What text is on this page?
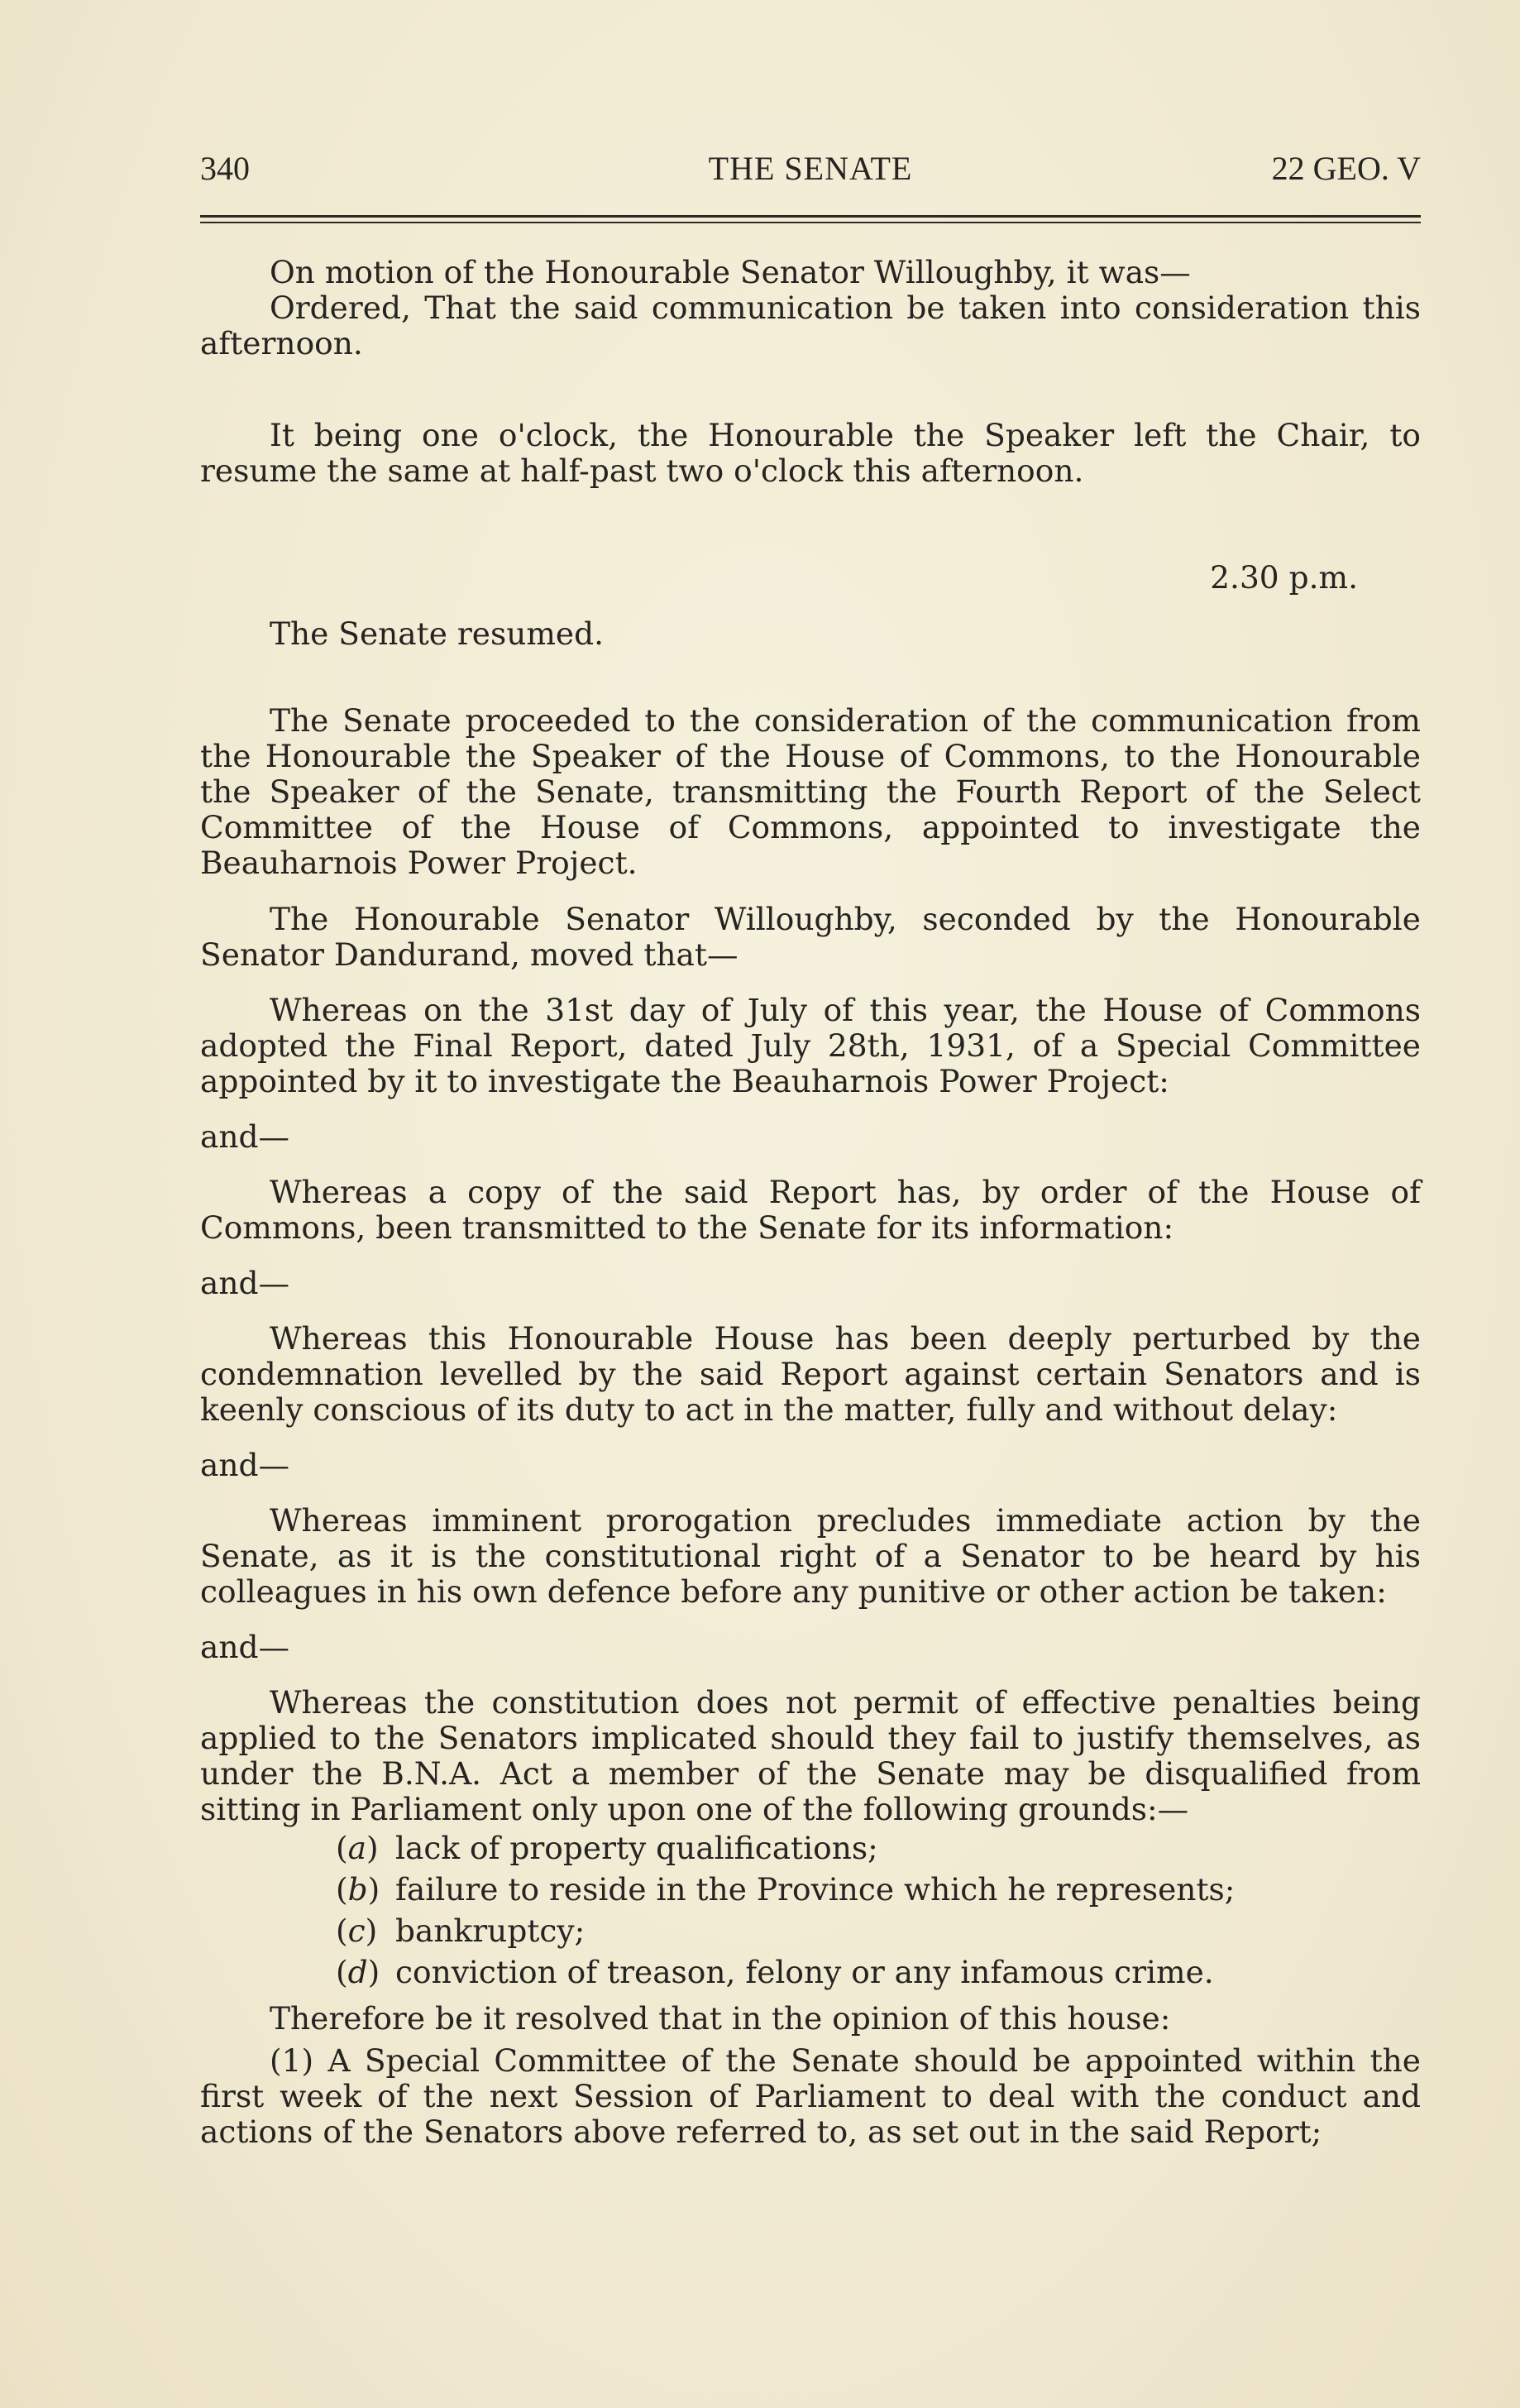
340	THE SENATE	22 GEO. V

On motion of the Honourable Senator Willoughby, it was—

Ordered, That the said communication be taken into consideration this afternoon.

It being one o'clock, the Honourable the Speaker left the Chair, to resume the same at half-past two o'clock this afternoon.

2.30 p.m.

The Senate resumed.

The Senate proceeded to the consideration of the communication from the Honourable the Speaker of the House of Commons, to the Honourable the Speaker of the Senate, transmitting the Fourth Report of the Select Committee of the House of Commons, appointed to investigate the Beauharnois Power Project.

The Honourable Senator Willoughby, seconded by the Honourable Senator Dandurand, moved that—

Whereas on the 31st day of July of this year, the House of Commons adopted the Final Report, dated July 28th, 1931, of a Special Committee appointed by it to investigate the Beauharnois Power Project:

and—

Whereas a copy of the said Report has, by order of the House of Commons, been transmitted to the Senate for its information:

and—

Whereas this Honourable House has been deeply perturbed by the condemnation levelled by the said Report against certain Senators and is keenly conscious of its duty to act in the matter, fully and without delay:

and—

Whereas imminent prorogation precludes immediate action by the Senate, as it is the constitutional right of a Senator to be heard by his colleagues in his own defence before any punitive or other action be taken:

and—

Whereas the constitution does not permit of effective penalties being applied to the Senators implicated should they fail to justify themselves, as under the B.N.A. Act a member of the Senate may be disqualified from sitting in Parliament only upon one of the following grounds:—

(a) lack of property qualifications;

(b) failure to reside in the Province which he represents;

(c) bankruptcy;

(d) conviction of treason, felony or any infamous crime.

Therefore be it resolved that in the opinion of this house:

(1) A Special Committee of the Senate should be appointed within the first week of the next Session of Parliament to deal with the conduct and actions of the Senators above referred to, as set out in the said Report;
